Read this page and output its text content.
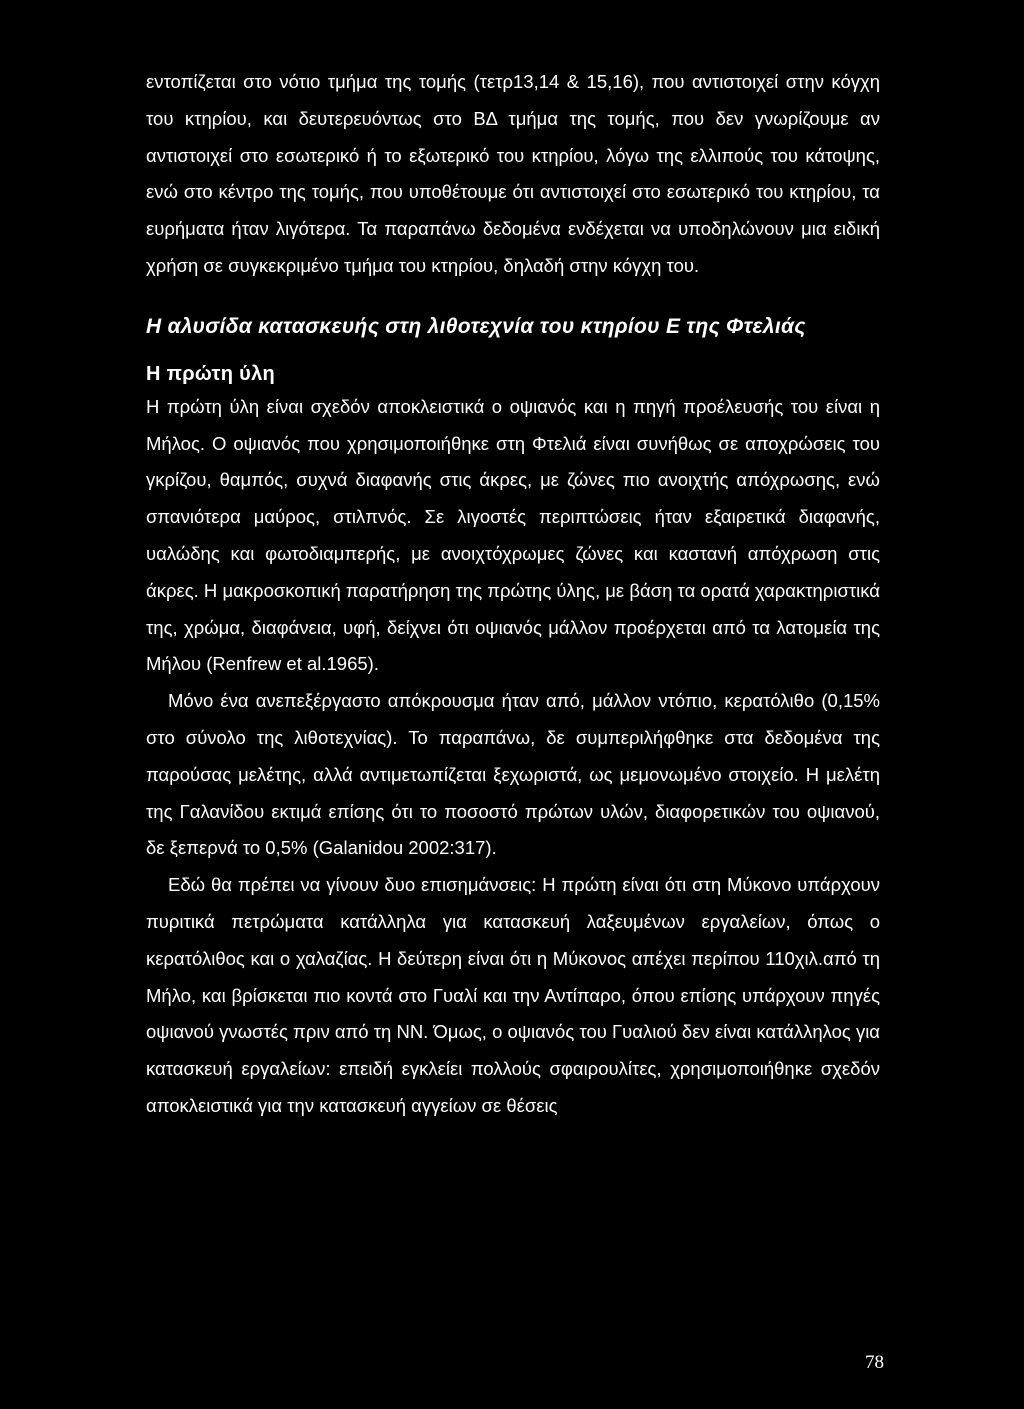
εντοπίζεται στο νότιο τμήμα της τομής (τετρ13,14 & 15,16), που αντιστοιχεί στην κόγχη του κτηρίου, και δευτερευόντως στο ΒΔ τμήμα της τομής, που δεν γνωρίζουμε αν αντιστοιχεί στο εσωτερικό ή το εξωτερικό του κτηρίου, λόγω της ελλιπούς του κάτοψης, ενώ στο κέντρο της τομής, που υποθέτουμε ότι αντιστοιχεί στο εσωτερικό του κτηρίου, τα ευρήματα ήταν λιγότερα. Τα παραπάνω δεδομένα ενδέχεται να υποδηλώνουν μια ειδική χρήση σε συγκεκριμένο τμήμα του κτηρίου, δηλαδή στην κόγχη του.

Η αλυσίδα κατασκευής στη λιθοτεχνία του κτηρίου Ε της Φτελιάς
Η πρώτη ύλη

Η πρώτη ύλη είναι σχεδόν αποκλειστικά ο οψιανός και η πηγή προέλευσής του είναι η Μήλος. Ο οψιανός που χρησιμοποιήθηκε στη Φτελιά είναι συνήθως σε αποχρώσεις του γκρίζου, θαμπός, συχνά διαφανής στις άκρες, με ζώνες πιο ανοιχτής απόχρωσης, ενώ σπανιότερα μαύρος, στιλπνός. Σε λιγοστές περιπτώσεις ήταν εξαιρετικά διαφανής, υαλώδης και φωτοδιαμπερής, με ανοιχτόχρωμες ζώνες και καστανή απόχρωση στις άκρες. Η μακροσκοπική παρατήρηση της πρώτης ύλης, με βάση τα ορατά χαρακτηριστικά της, χρώμα, διαφάνεια, υφή, δείχνει ότι οψιανός μάλλον προέρχεται από τα λατομεία της Μήλου (Renfrew et al.1965).

Μόνο ένα ανεπεξέργαστο απόκρουσμα ήταν από, μάλλον ντόπιο, κερατόλιθο (0,15% στο σύνολο της λιθοτεχνίας). Το παραπάνω, δε συμπεριλήφθηκε στα δεδομένα της παρούσας μελέτης, αλλά αντιμετωπίζεται ξεχωριστά, ως μεμονωμένο στοιχείο. Η μελέτη της Γαλανίδου εκτιμά επίσης ότι το ποσοστό πρώτων υλών, διαφορετικών του οψιανού, δε ξεπερνά το 0,5% (Galanidou 2002:317).

Εδώ θα πρέπει να γίνουν δυο επισημάνσεις: Η πρώτη είναι ότι στη Μύκονο υπάρχουν πυριτικά πετρώματα κατάλληλα για κατασκευή λαξευμένων εργαλείων, όπως ο κερατόλιθος και ο χαλαζίας. Η δεύτερη είναι ότι η Μύκονος απέχει περίπου 110χιλ.από τη Μήλο, και βρίσκεται πιο κοντά στο Γυαλί και την Αντίπαρο, όπου επίσης υπάρχουν πηγές οψιανού γνωστές πριν από τη ΝΝ. Όμως, ο οψιανός του Γυαλιού δεν είναι κατάλληλος για κατασκευή εργαλείων: επειδή εγκλείει πολλούς σφαιρουλίτες, χρησιμοποιήθηκε σχεδόν αποκλειστικά για την κατασκευή αγγείων σε θέσεις

78
